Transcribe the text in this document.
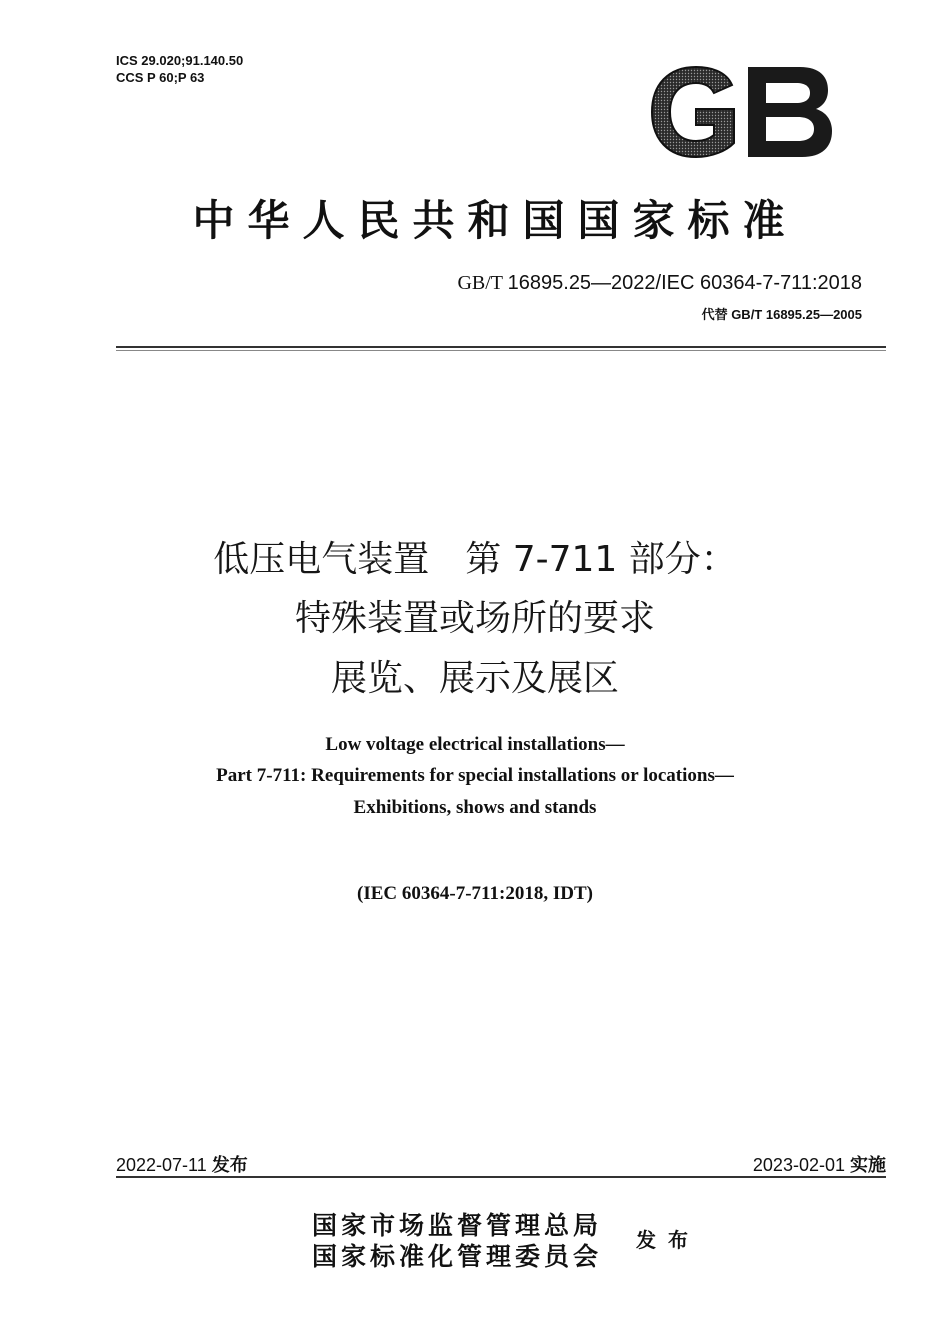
ICS 29.020;91.140.50
CCS P 60;P 63
中华人民共和国国家标准
GB/T 16895.25—2022/IEC 60364-7-711:2018
代替 GB/T 16895.25—2005
低压电气装置　第 7-711 部分：
特殊装置或场所的要求
展览、展示及展区
Low voltage electrical installations—
Part 7-711: Requirements for special installations or locations—
Exhibitions, shows and stands
(IEC 60364-7-711:2018, IDT)
2022-07-11 发布	2023-02-01 实施
国家市场监督管理总局
国家标准化管理委员会
发布
